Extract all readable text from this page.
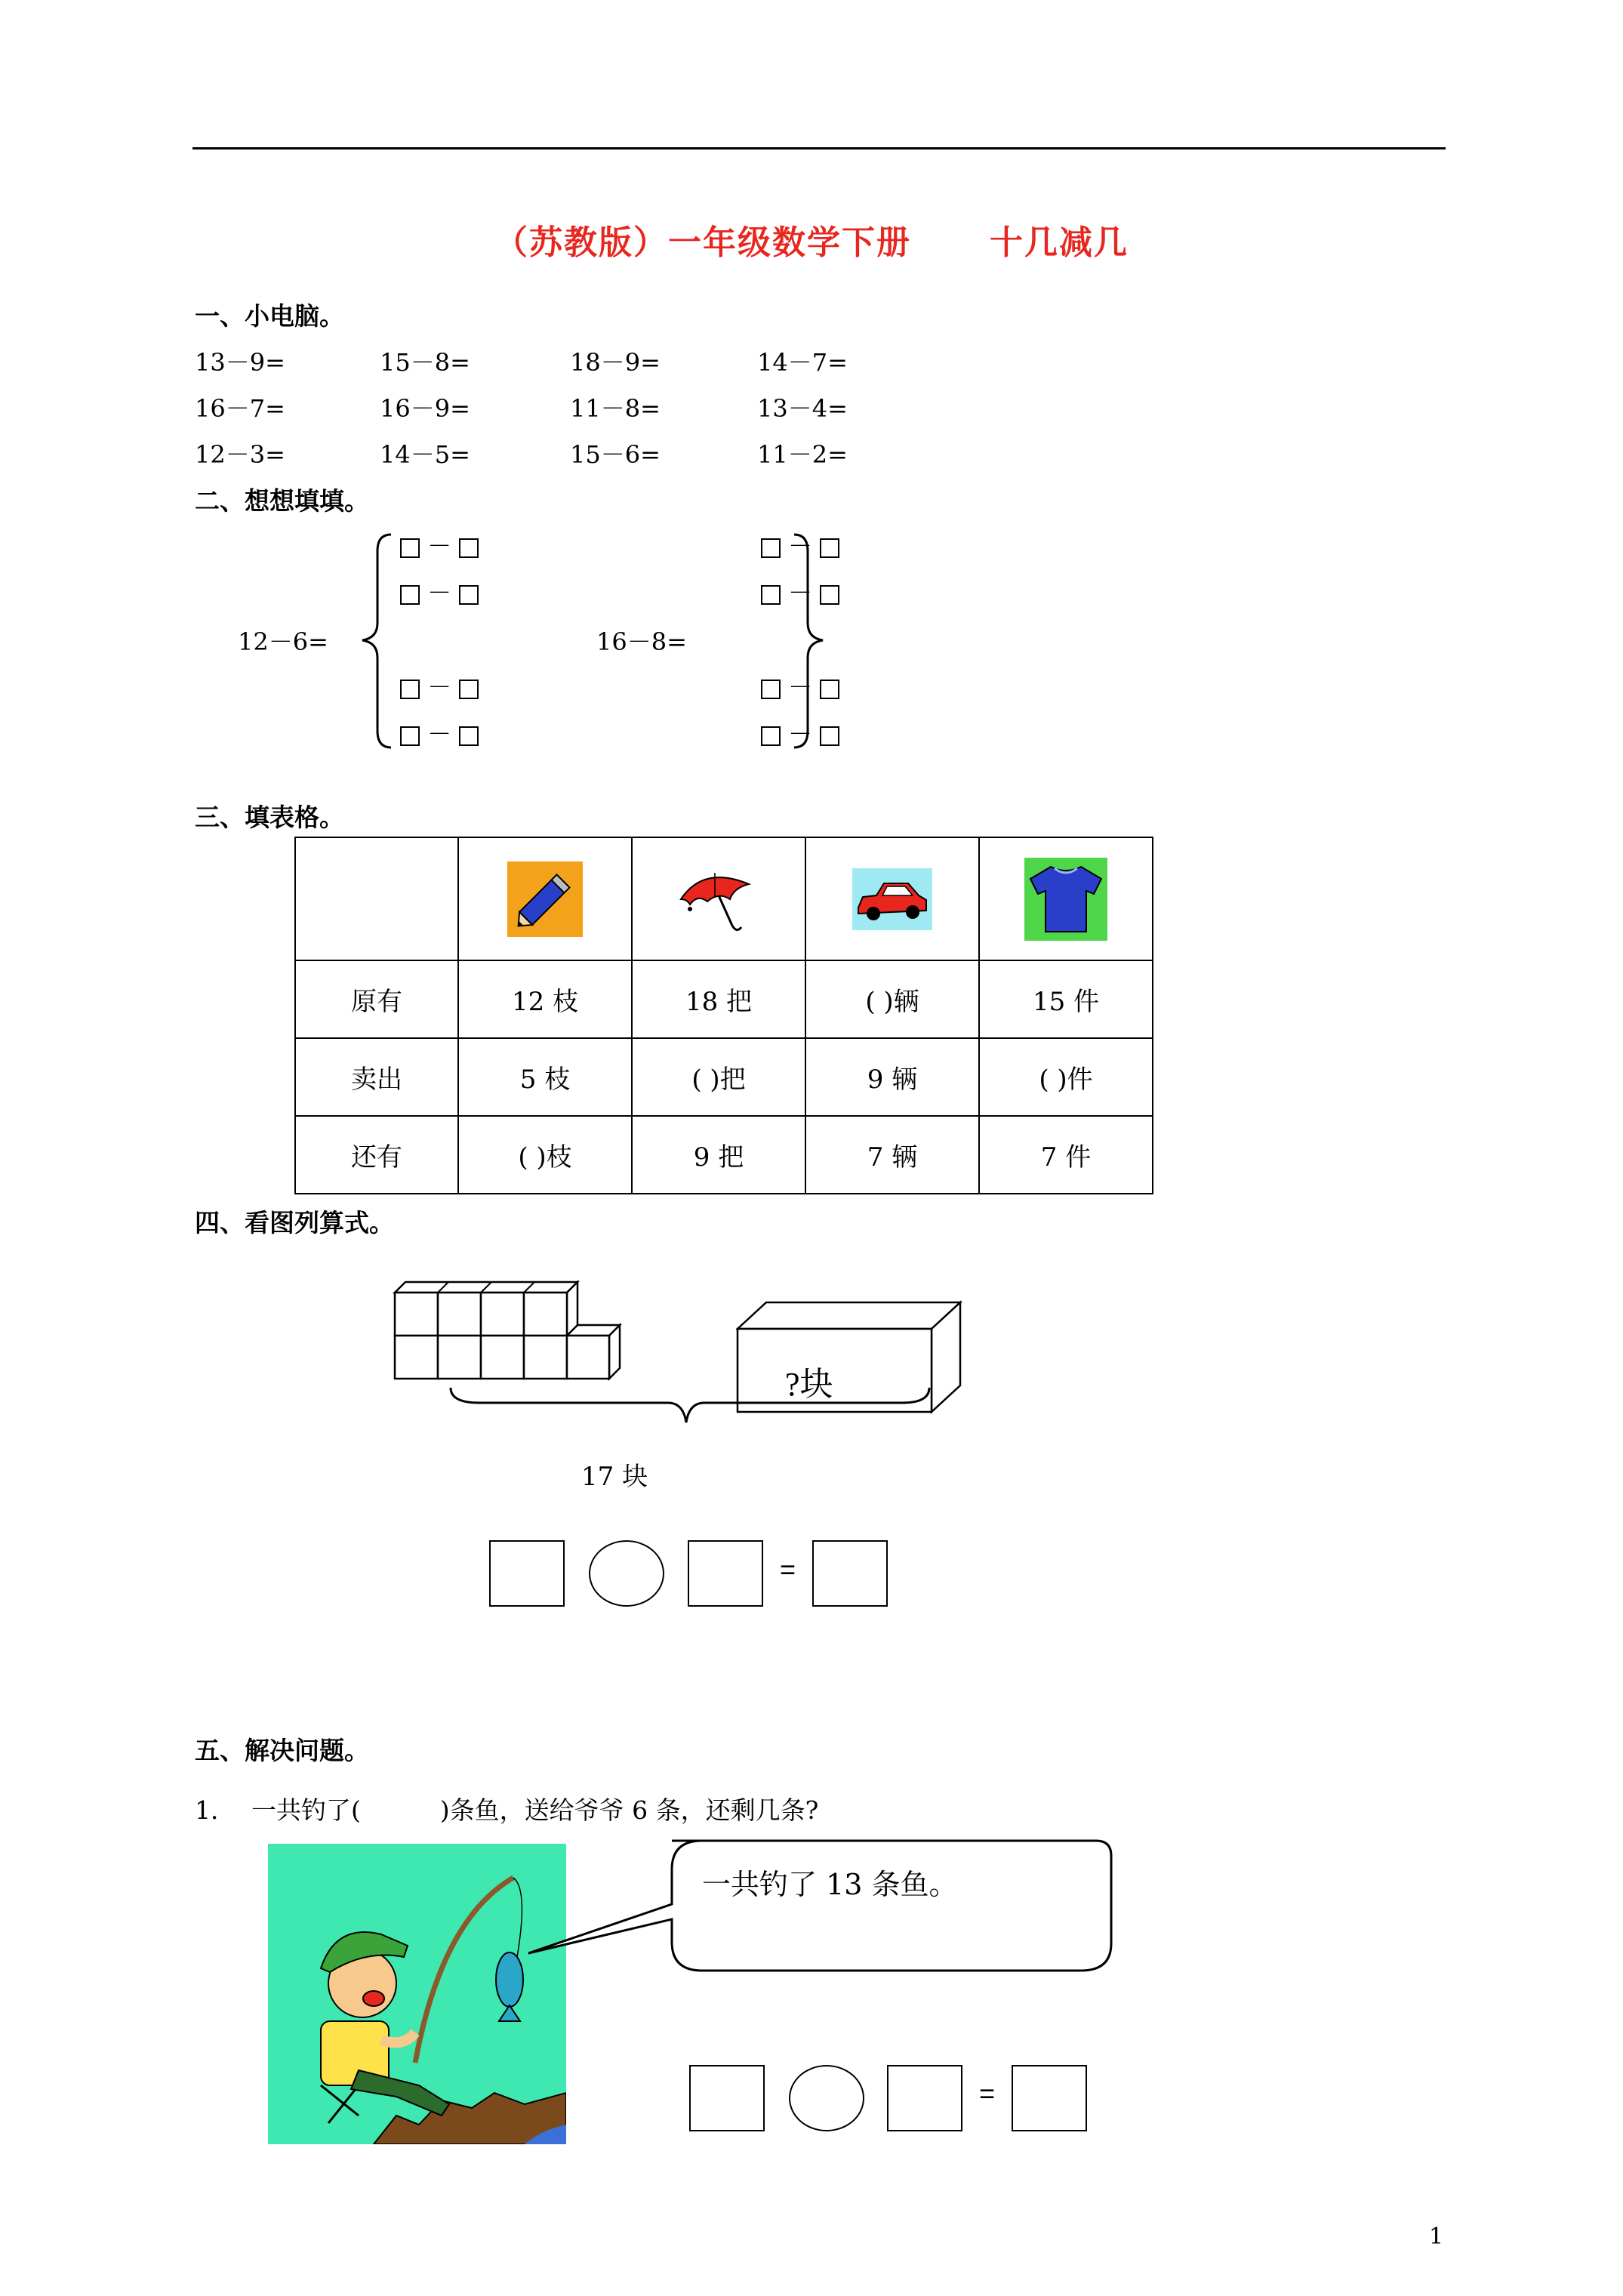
（苏教版）一年级数学下册      十几减几
一、小电脑。
13－9=	15－8=	18－9=	14－7=
16－7=	16－9=	11－8=	13－4=
12－3=	14－5=	15－6=	11－2=
二、想想填填。
12－6=	16－8=
－
－
－
－
－
－
－
－
三、填表格。

原有	12 枝	18 把	( )辆	15 件
卖出	5 枝	( )把	9 辆	( )件
还有	( )枝	9 把	7 辆	7 件
四、看图列算式。
?块
17 块
=
五、解决问题。
1．  一共钓了(          )条鱼，送给爷爷 6 条，还剩几条?
一共钓了 13 条鱼。
=
1
